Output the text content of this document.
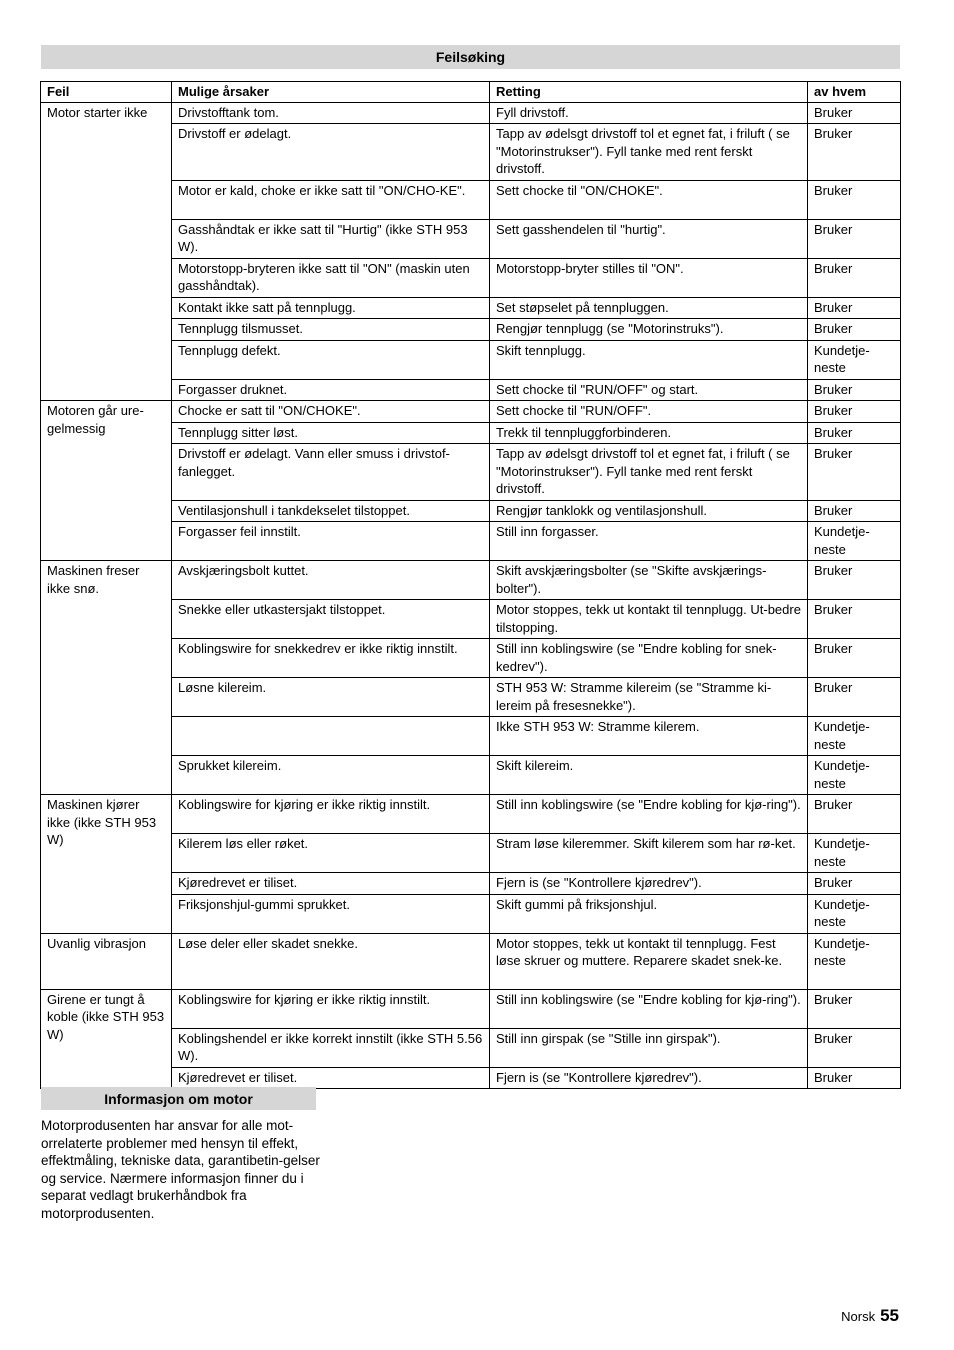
Feilsøking
Feil	Mulige årsaker	Retting	av hvem
Motor starter ikke	Drivstofftank tom.	Fyll drivstoff.	Bruker
	Drivstoff er ødelagt.	Tapp av ødelsgt drivstoff tol et egnet fat, i friluft ( se "Motorinstrukser"). Fyll tanke med rent ferskt drivstoff.	Bruker
	Motor er kald, choke er ikke satt til "ON/CHO-KE".	Sett chocke til "ON/CHOKE".	Bruker
	Gasshåndtak er ikke satt til "Hurtig" (ikke STH 953 W).	Sett gasshendelen til "hurtig".	Bruker
	Motorstopp-bryteren ikke satt til "ON" (maskin uten gasshåndtak).	Motorstopp-bryter stilles til "ON".	Bruker
	Kontakt ikke satt på tennplugg.	Set støpselet på tennpluggen.	Bruker
	Tennplugg tilsmusset.	Rengjør tennplugg (se "Motorinstruks").	Bruker
	Tennplugg defekt.	Skift tennplugg.	Kundetje-neste
	Forgasser druknet.	Sett chocke til "RUN/OFF" og start.	Bruker
Motoren går ure-gelmessig	Chocke er satt til "ON/CHOKE".	Sett chocke til "RUN/OFF".	Bruker
	Tennplugg sitter løst.	Trekk til tennpluggforbinderen.	Bruker
	Drivstoff er ødelagt. Vann eller smuss i drivstof-fanlegget.	Tapp av ødelsgt drivstoff tol et egnet fat, i friluft ( se "Motorinstrukser"). Fyll tanke med rent ferskt drivstoff.	Bruker
	Ventilasjonshull i tankdekselet tilstoppet.	Rengjør tanklokk og ventilasjonshull.	Bruker
	Forgasser feil innstilt.	Still inn forgasser.	Kundetje-neste
Maskinen freser ikke snø.	Avskjæringsbolt kuttet.	Skift avskjæringsbolter (se "Skifte avskjærings-bolter").	Bruker
	Snekke eller utkastersjakt tilstoppet.	Motor stoppes, tekk ut kontakt til tennplugg. Ut-bedre tilstopping.	Bruker
	Koblingswire for snekkedrev er ikke riktig innstilt.	Still inn koblingswire (se "Endre kobling for snek-kedrev").	Bruker
	Løsne kilereim.	STH 953 W: Stramme kilereim (se "Stramme ki-lereim på fresesnekke").	Bruker
		Ikke STH 953 W: Stramme kilerem.	Kundetje-neste
	Sprukket kilereim.	Skift kilereim.	Kundetje-neste
Maskinen kjører ikke (ikke STH 953 W)	Koblingswire for kjøring er ikke riktig innstilt.	Still inn koblingswire (se "Endre kobling for kjø-ring").	Bruker
	Kilerem løs eller røket.	Stram løse kileremmer. Skift kilerem som har rø-ket.	Kundetje-neste
	Kjøredrevet er tiliset.	Fjern is (se "Kontrollere kjøredrev").	Bruker
	Friksjonshjul-gummi sprukket.	Skift gummi på friksjonshjul.	Kundetje-neste
Uvanlig vibrasjon	Løse deler eller skadet snekke.	Motor stoppes, tekk ut kontakt til tennplugg. Fest løse skruer og muttere. Reparere skadet snek-ke.	Kundetje-neste
Girene er tungt å koble (ikke STH 953 W)	Koblingswire for kjøring er ikke riktig innstilt.	Still inn koblingswire (se "Endre kobling for kjø-ring").	Bruker
	Koblingshendel er ikke korrekt innstilt (ikke STH 5.56 W).	Still inn girspak (se "Stille inn girspak").	Bruker
	Kjøredrevet er tiliset.	Fjern is (se "Kontrollere kjøredrev").	Bruker
Informasjon om motor
Motorprodusenten har ansvar for alle mot-orrelaterte problemer med hensyn til effekt, effektmåling, tekniske data, garantibetin-gelser og service. Nærmere informasjon finner du i separat vedlagt brukerhåndbok fra motorprodusenten.
Norsk 55
